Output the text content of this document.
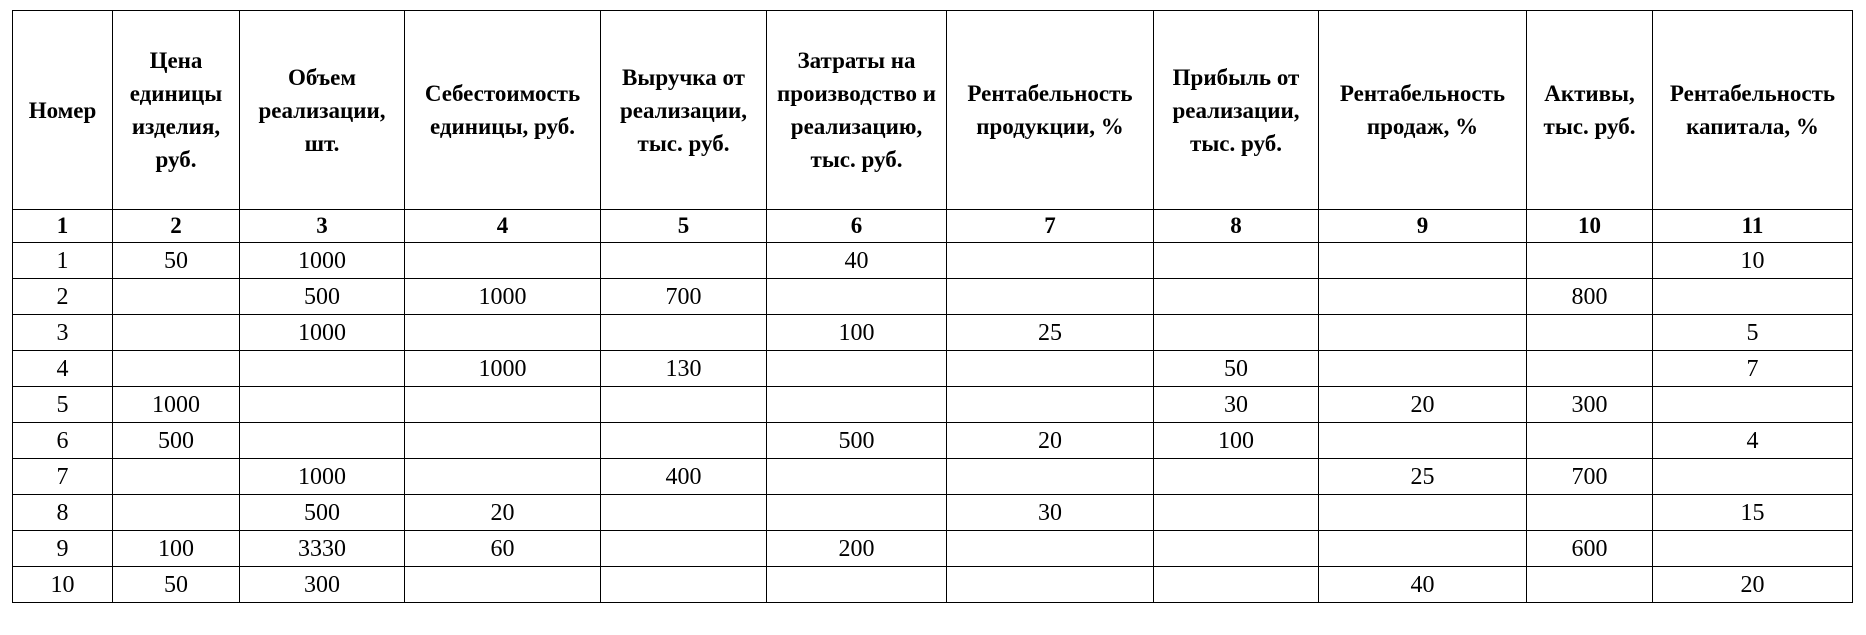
Номер	Цена единицы изделия, руб.	Объем реализации, шт.	Себестоимость единицы, руб.	Выручка от реализации, тыс. руб.	Затраты на производство и реализацию, тыс. руб.	Рентабельность продукции, %	Прибыль от реализации, тыс. руб.	Рентабельность продаж, %	Активы, тыс. руб.	Рентабельность капитала, %
1	2	3	4	5	6	7	8	9	10	11
1	50	1000			40					10
2		500	1000	700					800	
3		1000			100	25				5
4			1000	130			50			7
5	1000						30	20	300	
6	500				500	20	100			4
7		1000		400				25	700	
8		500	20			30				15
9	100	3330	60		200				600	
10	50	300						40		20
